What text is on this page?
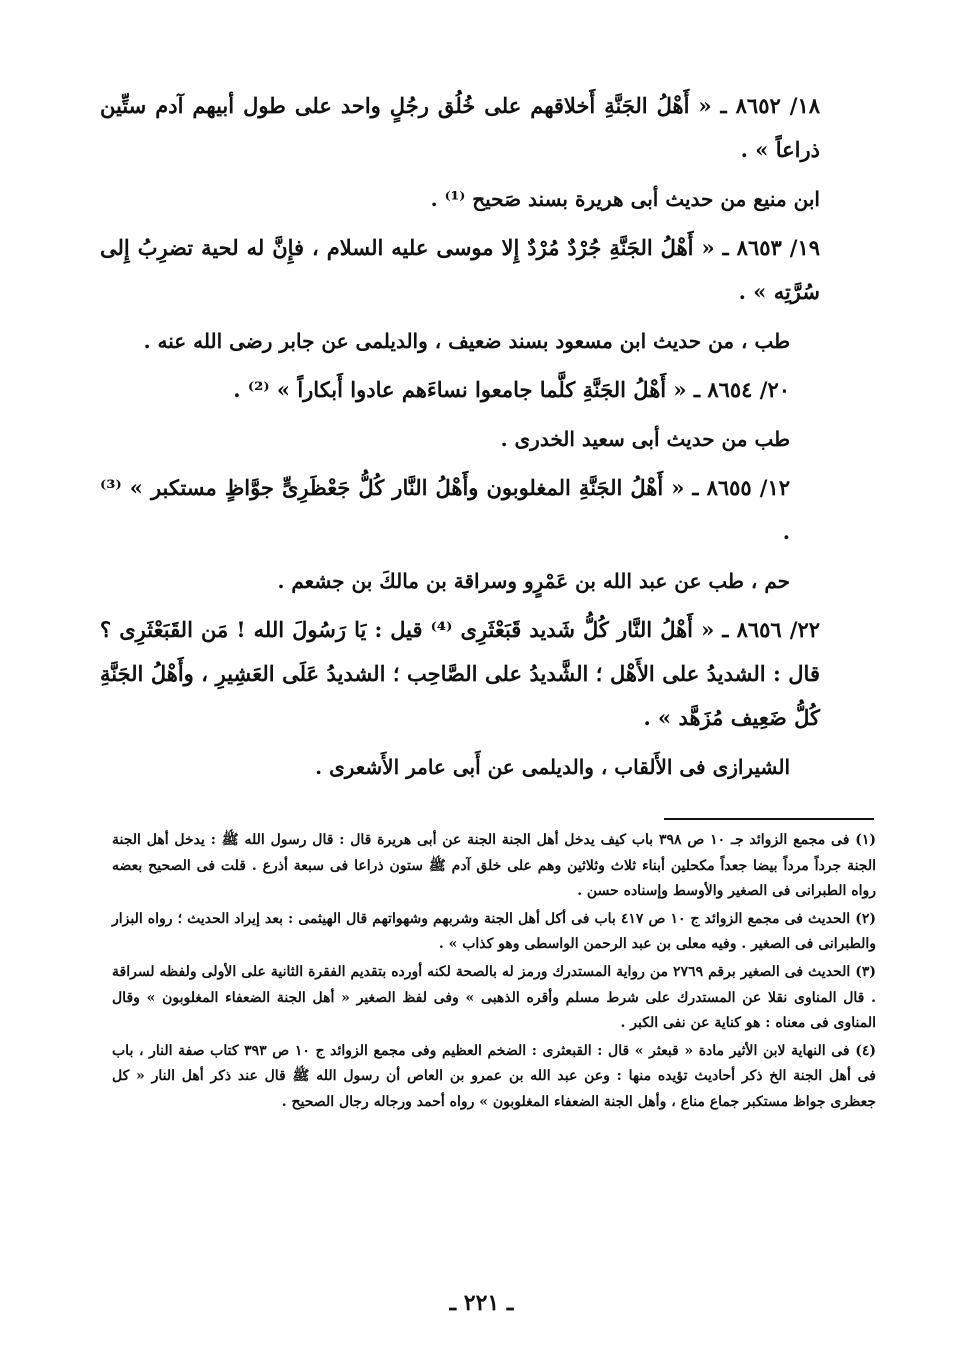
١٨/ ٨٦٥٢ ـ « أَهْلُ الجَنَّةِ أَخلاقهم على خُلُق رجُلٍ واحد على طول أبيهم آدم ستِّين ذراعاً » .

ابن منيع من حديث أبى هريرة بسند صَحيح ⁽¹⁾ .

١٩/ ٨٦٥٣ ـ « أَهْلُ الجَنَّةِ جُرْدٌ مُرْدٌ إِلا موسى عليه السلام ، فإِنَّ له لحية تضرِبُ إِلى سُرَّتِه » .

طب ، من حديث ابن مسعود بسند ضعيف ، والديلمى عن جابر رضى الله عنه .

٢٠/ ٨٦٥٤ ـ « أَهْلُ الجَنَّةِ كلَّما جامعوا نساءَهم عادوا أَبكاراً » ⁽²⁾ .

طب من حديث أبى سعيد الخدرى .

١٢/ ٨٦٥٥ ـ « أَهْلُ الجَنَّةِ المغلوبون وأَهْلُ النَّار كُلُّ جَعْظَرِىٍّ جوَّاظٍ مستكبر » ⁽³⁾ .

حم ، طب عن عبد الله بن عَمْرٍو وسراقة بن مالكَ بن جشعم .

٢٢/ ٨٦٥٦ ـ « أَهْلُ النَّار كُلُّ شَديد قَبَعْثَرِى ⁽⁴⁾ قيل : يَا رَسُولَ الله ! مَن القَبَعْثَرِى ؟ قال : الشديدُ على الأَهْل ؛ الشَّديدُ على الصَّاحِب ؛ الشديدُ عَلَى العَشِيرِ ، وأَهْلُ الجَنَّةِ كُلُّ ضَعِيف مُزَهَّد » .

الشيرازى فى الأَلقاب ، والديلمى عن أَبى عامر الأَشعرى .

(١) فى مجمع الزوائد جـ ١٠ ص ٣٩٨ باب كيف يدخل أهل الجنة الجنة عن أبى هريرة قال : قال رسول الله ﷺ : يدخل أهل الجنة الجنة جرداً مرداً بيضا جعداً مكحلين أبناء ثلاث وثلاثين وهم على خلق آدم ﷺ ستون ذراعا فى سبعة أذرع . قلت فى الصحيح بعضه رواه الطبرانى فى الصغير والأوسط وإسناده حسن .

(٢) الحديث فى مجمع الزوائد ج ١٠ ص ٤١٧ باب فى أكل أهل الجنة وشربهم وشهواتهم قال الهيثمى : بعد إيراد الحديث ؛ رواه البزار والطبرانى فى الصغير . وفيه معلى بن عبد الرحمن الواسطى وهو كذاب » .

(٣) الحديث فى الصغير برقم ٢٧٦٩ من رواية المستدرك ورمز له بالصحة لكنه أورده بتقديم الفقرة الثانية على الأولى ولفظه لسراقة . قال المناوى نقلا عن المستدرك على شرط مسلم وأقره الذهبى » وفى لفظ الصغير « أهل الجنة الضعفاء المغلوبون » وقال المناوى فى معناه : هو كناية عن نفى الكبر .

(٤) فى النهاية لابن الأثير مادة « قبعثر » قال : القبعثرى : الضخم العظيم وفى مجمع الزوائد ج ١٠ ص ٣٩٣ كتاب صفة النار ، باب فى أهل الجنة الخ ذكر أحاديث تؤيده منها : وعن عبد الله بن عمرو بن العاص أن رسول الله ﷺ قال عند ذكر أهل النار « كل جعظرى جواظ مستكبر جماع مناع ، وأهل الجنة الضعفاء المغلوبون » رواه أحمد ورجاله رجال الصحيح .

ـ ٢٢١ ـ
